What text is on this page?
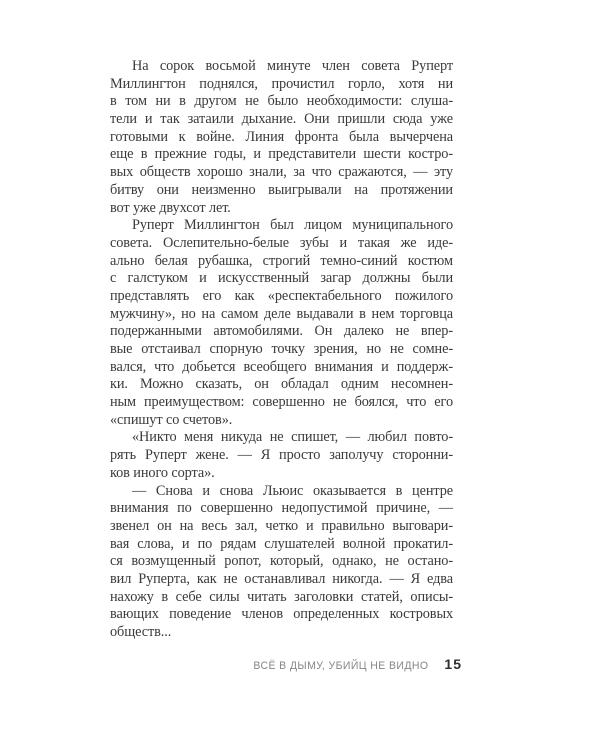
На сорок восьмой минуте член совета Руперт
Миллингтон поднялся, прочистил горло, хотя ни
в том ни в другом не было необходимости: слуша-
тели и так затаили дыхание. Они пришли сюда уже
готовыми к войне. Линия фронта была вычерчена
еще в прежние годы, и представители шести костро-
вых обществ хорошо знали, за что сражаются, — эту
битву они неизменно выигрывали на протяжении
вот уже двухсот лет.
Руперт Миллингтон был лицом муниципального
совета. Ослепительно-белые зубы и такая же иде-
ально белая рубашка, строгий темно-синий костюм
с галстуком и искусственный загар должны были
представлять его как «респектабельного пожилого
мужчину», но на самом деле выдавали в нем торговца
подержанными автомобилями. Он далеко не впер-
вые отстаивал спорную точку зрения, но не сомне-
вался, что добьется всеобщего внимания и поддерж-
ки. Можно сказать, он обладал одним несомнен-
ным преимуществом: совершенно не боялся, что его
«спишут со счетов».
«Никто меня никуда не спишет, — любил повто-
рять Руперт жене. — Я просто заполучу сторонни-
ков иного сорта».
— Снова и снова Льюис оказывается в центре
внимания по совершенно недопустимой причине, —
звенел он на весь зал, четко и правильно выговари-
вая слова, и по рядам слушателей волной прокатил-
ся возмущенный ропот, который, однако, не остано-
вил Руперта, как не останавливал никогда. — Я едва
нахожу в себе силы читать заголовки статей, описы-
вающих поведение членов определенных костровых
обществ...
ВСЁ В ДЫМУ, УБИЙЦ НЕ ВИДНО 15
